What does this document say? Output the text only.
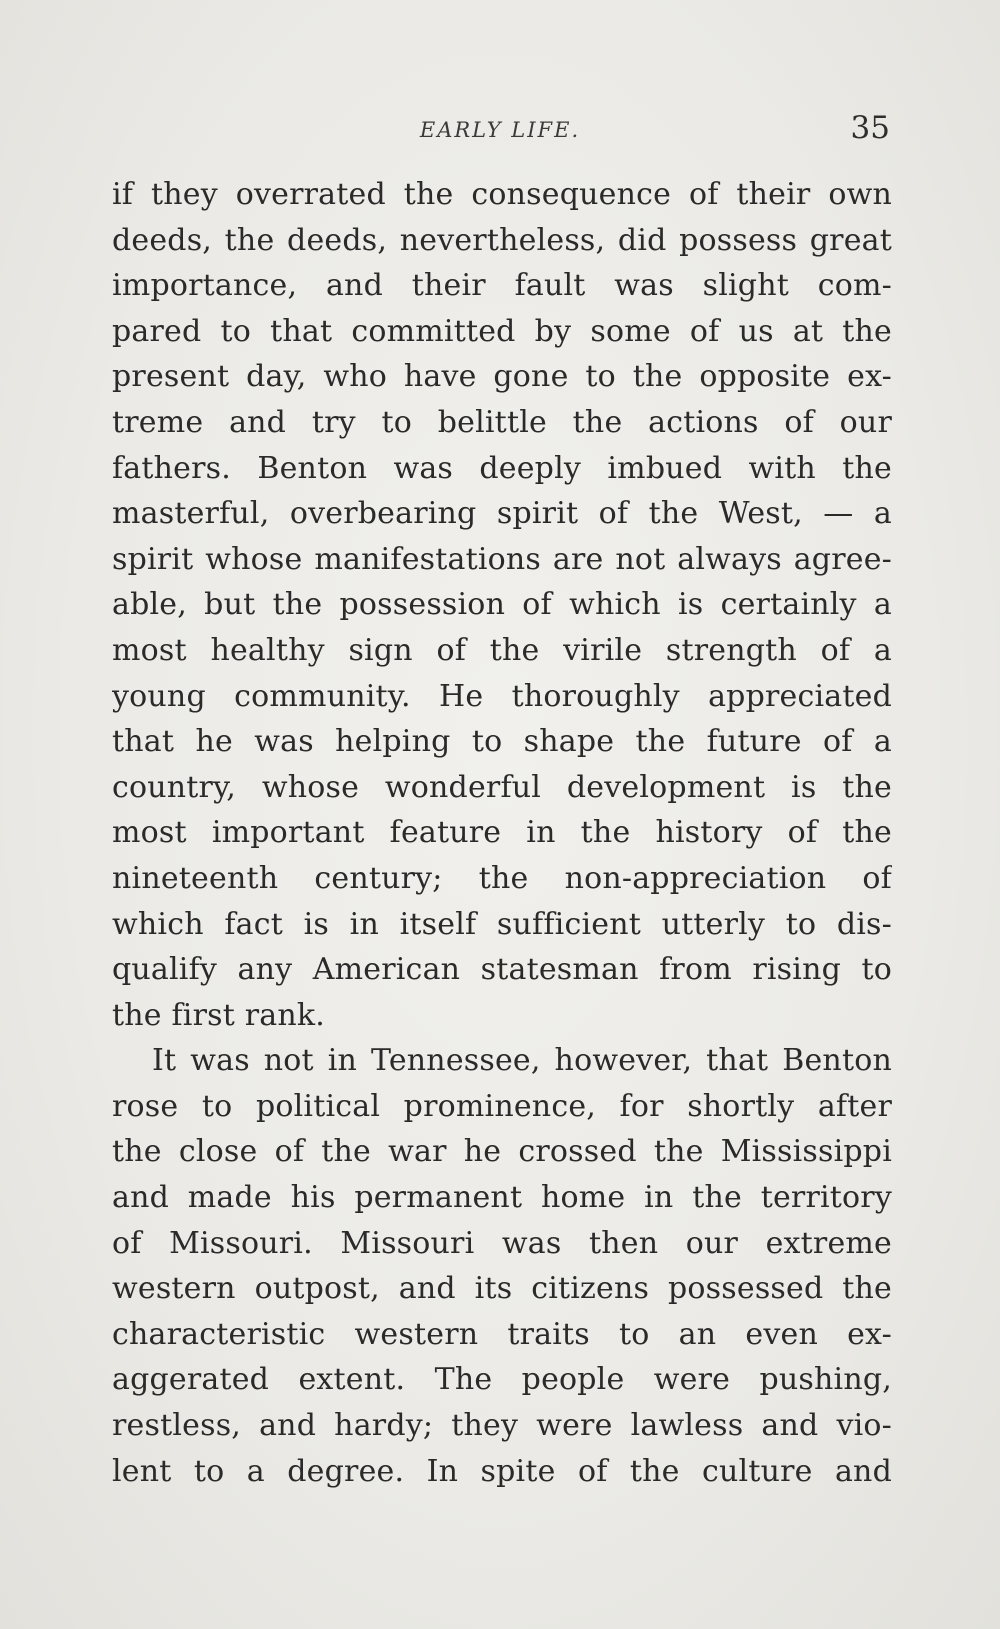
EARLY LIFE.	35
if they overrated the consequence of their own
deeds, the deeds, nevertheless, did possess great
importance, and their fault was slight com-
pared to that committed by some of us at the
present day, who have gone to the opposite ex-
treme and try to belittle the actions of our
fathers. Benton was deeply imbued with the
masterful, overbearing spirit of the West, — a
spirit whose manifestations are not always agree-
able, but the possession of which is certainly a
most healthy sign of the virile strength of a
young community. He thoroughly appreciated
that he was helping to shape the future of a
country, whose wonderful development is the
most important feature in the history of the
nineteenth century; the non-appreciation of
which fact is in itself sufficient utterly to dis-
qualify any American statesman from rising to
the first rank.
It was not in Tennessee, however, that Benton
rose to political prominence, for shortly after
the close of the war he crossed the Mississippi
and made his permanent home in the territory
of Missouri. Missouri was then our extreme
western outpost, and its citizens possessed the
characteristic western traits to an even ex-
aggerated extent. The people were pushing,
restless, and hardy; they were lawless and vio-
lent to a degree. In spite of the culture and
